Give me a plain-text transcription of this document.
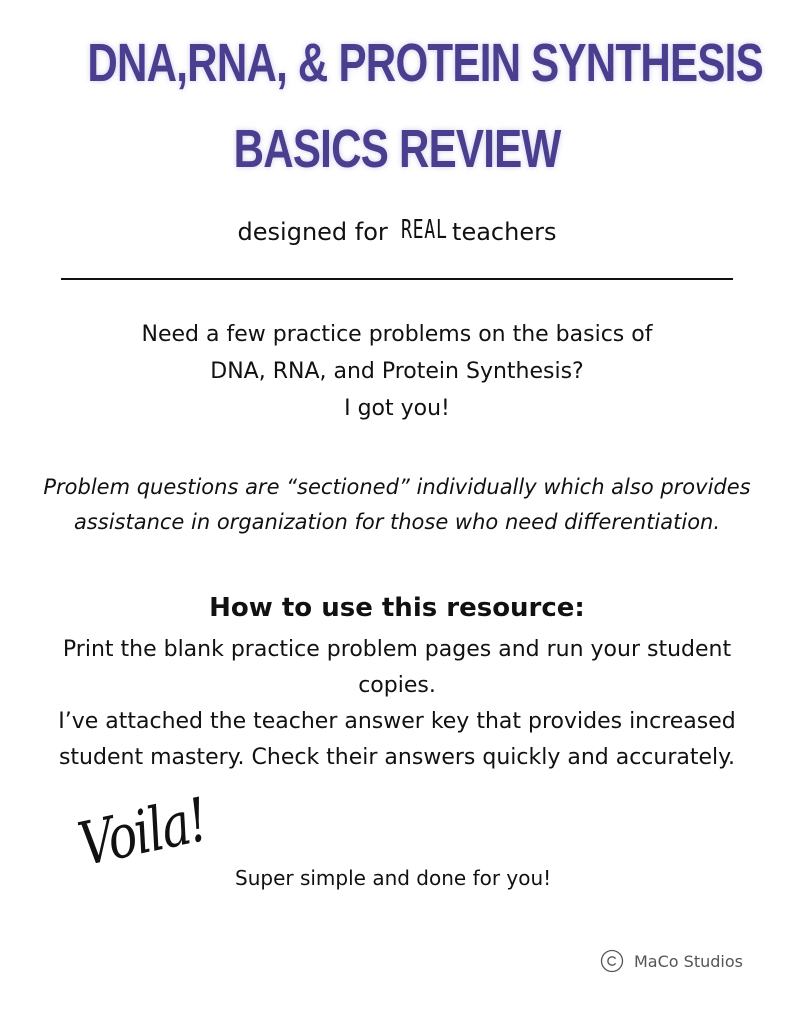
DNA,RNA, & PROTEIN SYNTHESIS
BASICS REVIEW
designed for REAL teachers
Need a few practice problems on the basics of
DNA, RNA, and Protein Synthesis?
I got you!
Problem questions are “sectioned” individually which also provides
assistance in organization for those who need differentiation.
How to use this resource:
Print the blank practice problem pages and run your student
copies.
I’ve attached the teacher answer key that provides increased
student mastery. Check their answers quickly and accurately.
Voila! Super simple and done for you!
MaCo Studios
